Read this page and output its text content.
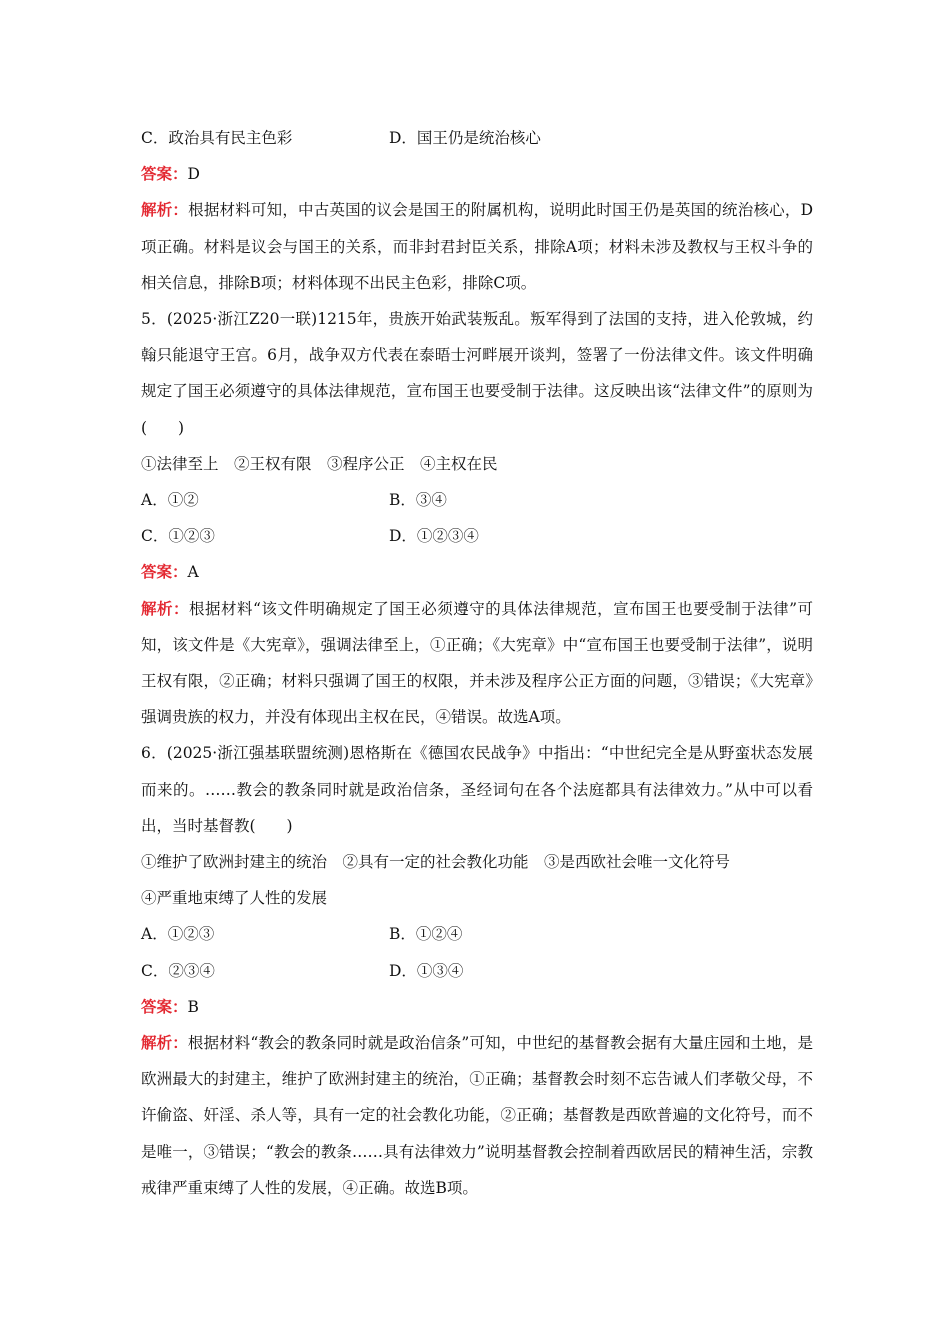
C．政治具有民主色彩	D．国王仍是统治核心
答案：D
解析：根据材料可知，中古英国的议会是国王的附属机构，说明此时国王仍是英国的统治核心，D项正确。材料是议会与国王的关系，而非封君封臣关系，排除A项；材料未涉及教权与王权斗争的相关信息，排除B项；材料体现不出民主色彩，排除C项。
5．(2025·浙江Z20一联)1215年，贵族开始武装叛乱。叛军得到了法国的支持，进入伦敦城，约翰只能退守王宫。6月，战争双方代表在泰晤士河畔展开谈判，签署了一份法律文件。该文件明确规定了国王必须遵守的具体法律规范，宣布国王也要受制于法律。这反映出该“法律文件”的原则为(　　)
①法律至上　②王权有限　③程序公正　④主权在民
A．①②	B．③④
C．①②③	D．①②③④
答案：A
解析：根据材料“该文件明确规定了国王必须遵守的具体法律规范，宣布国王也要受制于法律”可知，该文件是《大宪章》，强调法律至上，①正确；《大宪章》中“宣布国王也要受制于法律”，说明王权有限，②正确；材料只强调了国王的权限，并未涉及程序公正方面的问题，③错误；《大宪章》强调贵族的权力，并没有体现出主权在民，④错误。故选A项。
6．(2025·浙江强基联盟统测)恩格斯在《德国农民战争》中指出：“中世纪完全是从野蛮状态发展而来的。……教会的教条同时就是政治信条，圣经词句在各个法庭都具有法律效力。”从中可以看出，当时基督教(　　)
①维护了欧洲封建主的统治　②具有一定的社会教化功能　③是西欧社会唯一文化符号
④严重地束缚了人性的发展
A．①②③	B．①②④
C．②③④	D．①③④
答案：B
解析：根据材料“教会的教条同时就是政治信条”可知，中世纪的基督教会据有大量庄园和土地，是欧洲最大的封建主，维护了欧洲封建主的统治，①正确；基督教会时刻不忘告诫人们孝敬父母，不许偷盗、奸淫、杀人等，具有一定的社会教化功能，②正确；基督教是西欧普遍的文化符号，而不是唯一，③错误；“教会的教条……具有法律效力”说明基督教会控制着西欧居民的精神生活，宗教戒律严重束缚了人性的发展，④正确。故选B项。
